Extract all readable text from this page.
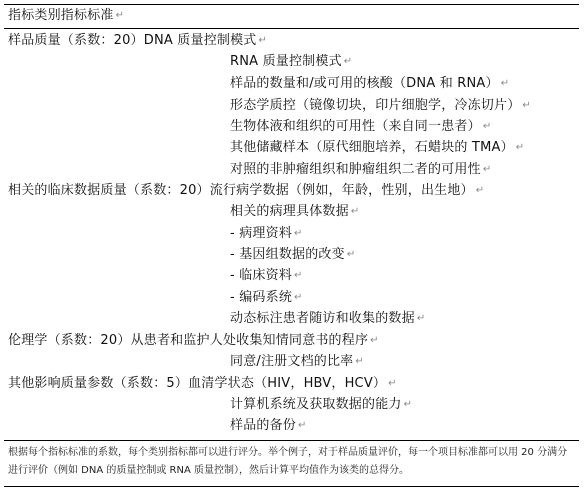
指标类别指标标准 ↵
样品质量（系数：20）DNA 质量控制模式 ↵
RNA 质量控制模式 ↵
样品的数量和/或可用的核酸（DNA 和 RNA） ↵
形态学质控（镜像切块，印片细胞学，冷冻切片） ↵
生物体液和组织的可用性（来自同一患者） ↵
其他储藏样本（原代细胞培养，石蜡块的 TMA） ↵
对照的非肿瘤组织和肿瘤组织二者的可用性 ↵
相关的临床数据质量（系数：20）流行病学数据（例如，年龄，性别，出生地） ↵
相关的病理具体数据 ↵
- 病理资料 ↵
- 基因组数据的改变 ↵
- 临床资料 ↵
- 编码系统 ↵
动态标注患者随访和收集的数据 ↵
伦理学（系数：20）从患者和监护人处收集知情同意书的程序 ↵
同意/注册文档的比率 ↵
其他影响质量参数（系数：5）血清学状态（HIV，HBV，HCV） ↵
计算机系统及获取数据的能力 ↵
样品的备份 ↵
根据每个指标标准的系数，每个类别指标都可以进行评分。举个例子，对于样品质量评价，每一个项目标准都可以用 20 分满分进行评价（例如 DNA 的质量控制或 RNA 质量控制），然后计算平均值作为该类的总得分。
